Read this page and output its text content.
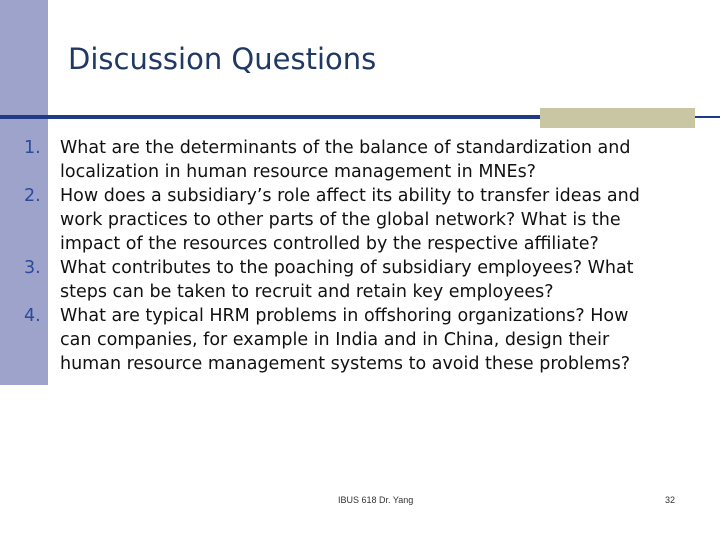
Discussion Questions
1.	What are the determinants of the balance of standardization and localization in human resource management in MNEs?
2.	How does a subsidiary’s role affect its ability to transfer ideas and work practices to other parts of the global network? What is the impact of the resources controlled by the respective affiliate?
3.	What contributes to the poaching of subsidiary employees? What steps can be taken to recruit and retain key employees?
4.	What are typical HRM problems in offshoring organizations? How can companies, for example in India and in China, design their human resource management systems to avoid these problems?
IBUS 618 Dr. Yang	32
